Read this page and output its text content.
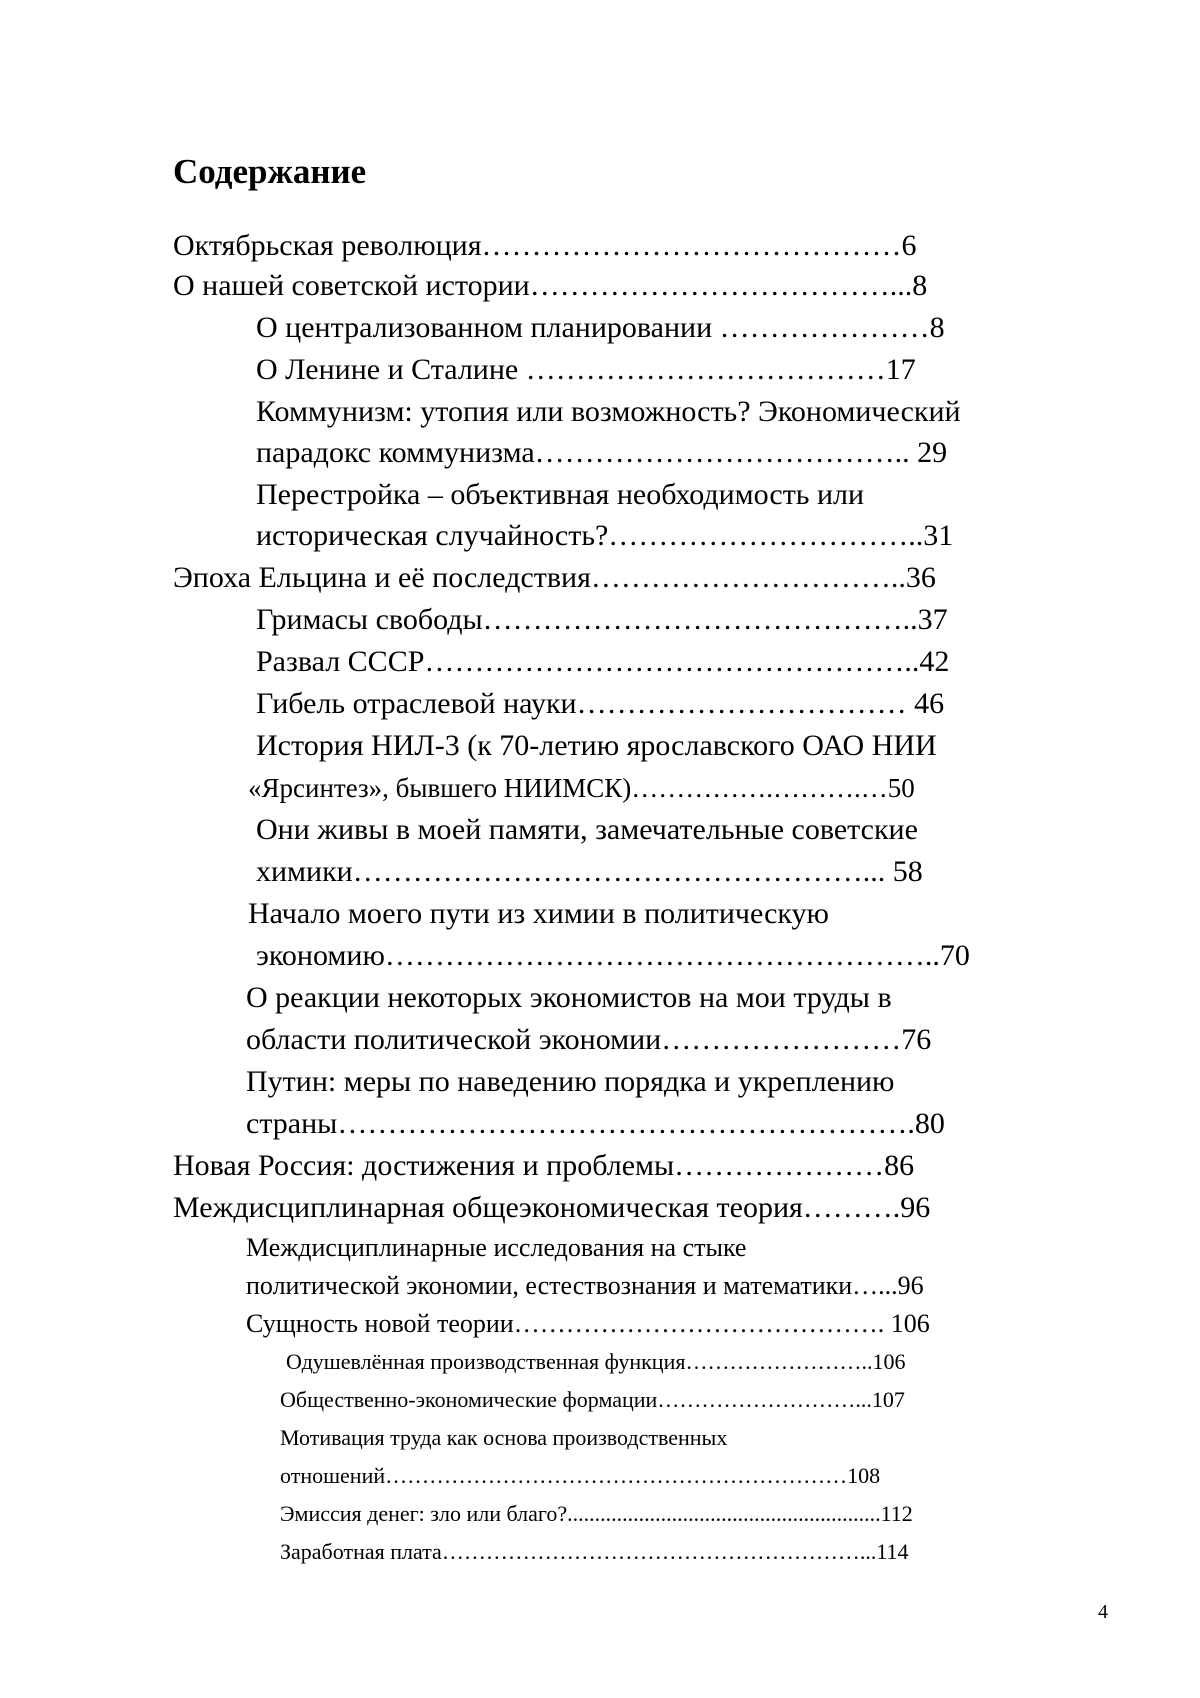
Содержание
Октябрьская революция……………………………………6
О нашей советской истории………………………………...8
О централизованном планировании …………………8
О Ленине и Сталине ………………………………17
Коммунизм: утопия или возможность? Экономический
парадокс коммунизма……………………………….. 29
Перестройка – объективная необходимость или
историческая случайность?…………………………..31
Эпоха Ельцина и её последствия…………………………..36
Гримасы свободы……………………………………..37
Развал СССР…………………………………………..42
Гибель отраслевой науки…………………………… 46
История НИЛ-3 (к 70-летию ярославского ОАО НИИ
«Ярсинтез», бывшего НИИМСК)…………….……….…50
Они живы в моей памяти, замечательные советские
химики……………………………………………... 58
Начало моего пути из химии в политическую
экономию………………………………………………..70
О реакции некоторых экономистов на мои труды в
области политической экономии……………………76
Путин: меры по наведению порядка и укреплению
страны………………………………………………….80
Новая Россия: достижения и проблемы…………………86
Междисциплинарная общеэкономическая теория……….96
Междисциплинарные исследования на стыке
политической экономии, естествознания и математики…...96
Сущность новой теории……………………………………. 106
Одушевлённая производственная функция……………………..106
Общественно-экономические формации………………………...107
Мотивация труда как основа производственных
отношений………………………………………………………108
Эмиссия денег: зло или благо?.........................................................112
Заработная плата…………………………………………………...114
4
